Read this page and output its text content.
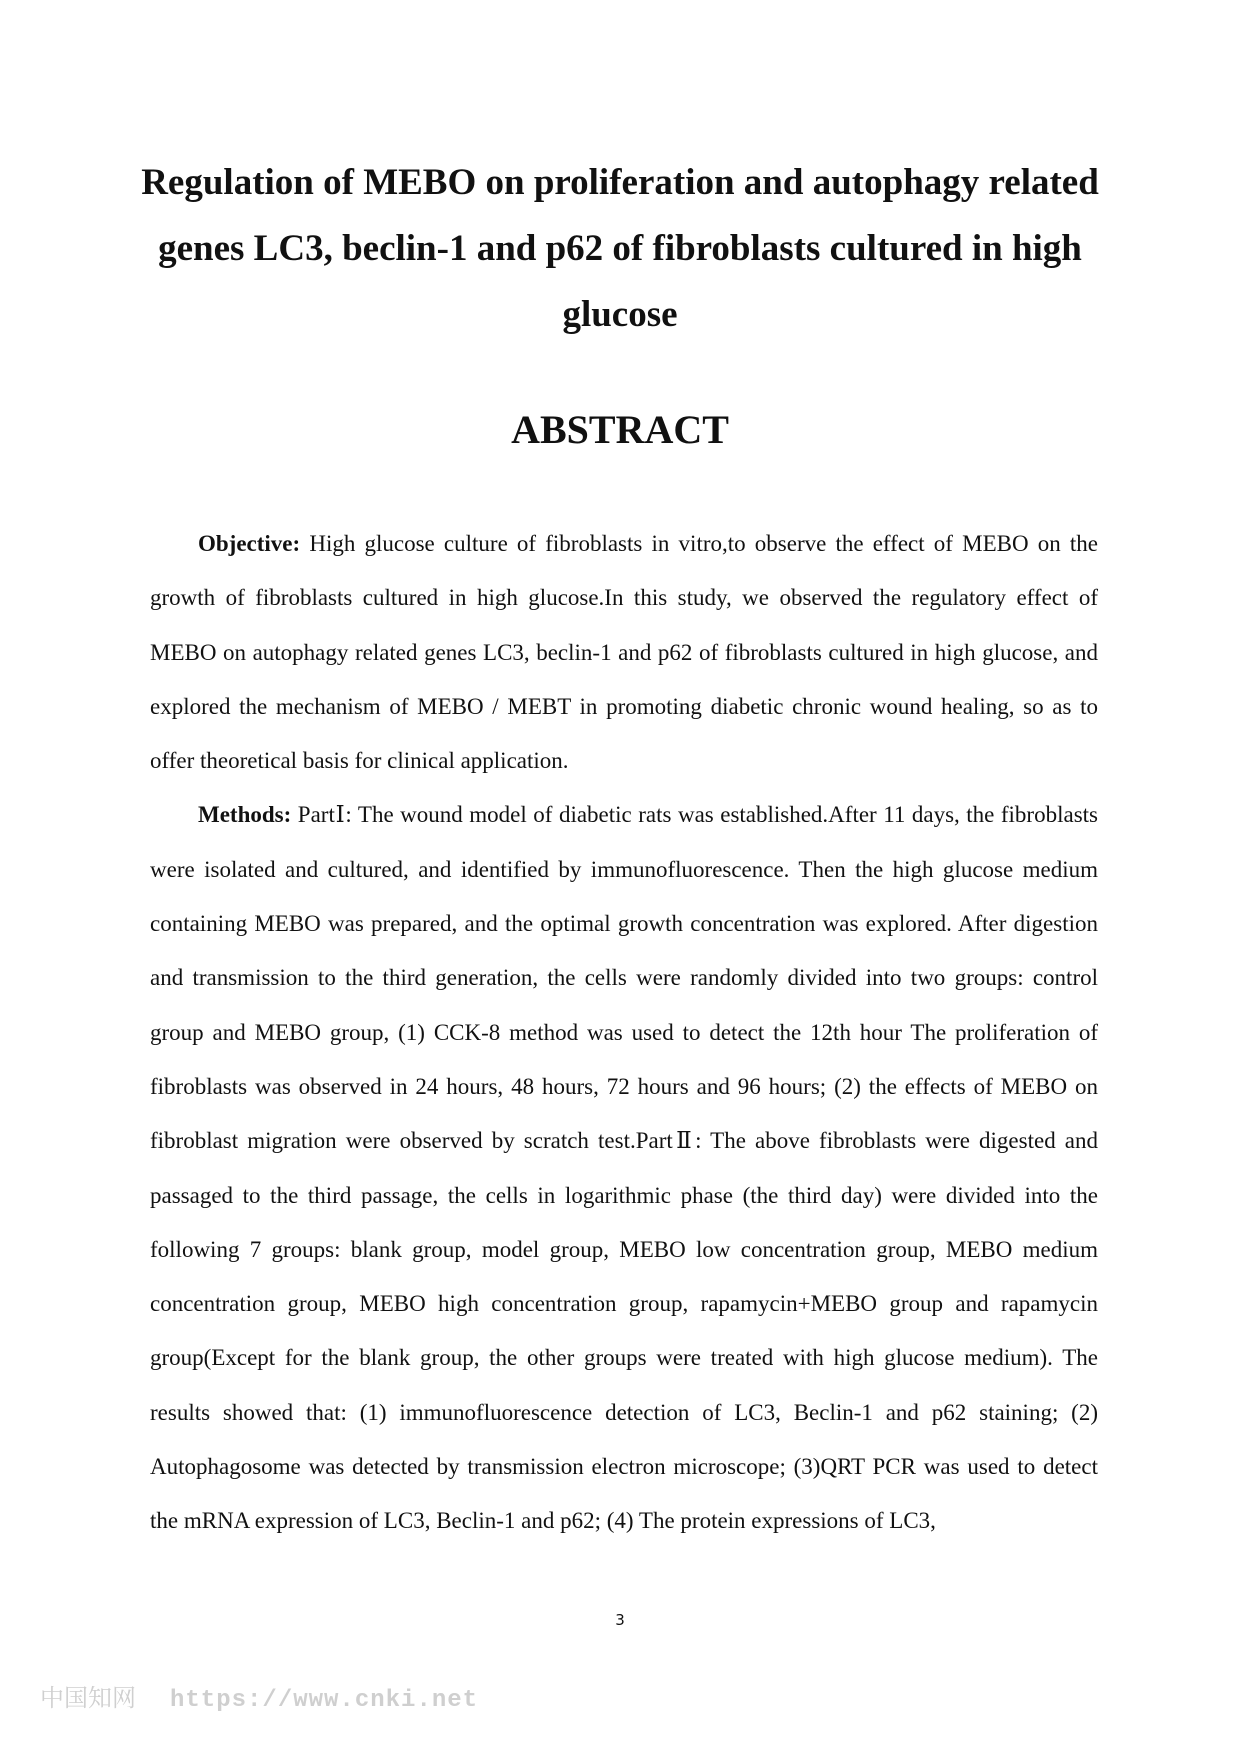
Regulation of MEBO on proliferation and autophagy related genes LC3, beclin-1 and p62 of fibroblasts cultured in high glucose
ABSTRACT

Objective: High glucose culture of fibroblasts in vitro,to observe the effect of MEBO on the growth of fibroblasts cultured in high glucose.In this study, we observed the regulatory effect of MEBO on autophagy related genes LC3, beclin-1 and p62 of fibroblasts cultured in high glucose, and explored the mechanism of MEBO / MEBT in promoting diabetic chronic wound healing, so as to offer theoretical basis for clinical application.

Methods: PartⅠ: The wound model of diabetic rats was established.After 11 days, the fibroblasts were isolated and cultured, and identified by immunofluorescence. Then the high glucose medium containing MEBO was prepared, and the optimal growth concentration was explored. After digestion and transmission to the third generation, the cells were randomly divided into two groups: control group and MEBO group, (1) CCK-8 method was used to detect the 12th hour The proliferation of fibroblasts was observed in 24 hours, 48 hours, 72 hours and 96 hours; (2) the effects of MEBO on fibroblast migration were observed by scratch test.PartⅡ: The above fibroblasts were digested and passaged to the third passage, the cells in logarithmic phase (the third day) were divided into the following 7 groups: blank group, model group, MEBO low concentration group, MEBO medium concentration group, MEBO high concentration group, rapamycin+MEBO group and rapamycin group(Except for the blank group, the other groups were treated with high glucose medium). The results showed that: (1) immunofluorescence detection of LC3, Beclin-1 and p62 staining; (2) Autophagosome was detected by transmission electron microscope; (3)QRT PCR was used to detect the mRNA expression of LC3, Beclin-1 and p62; (4) The protein expressions of LC3,

3
中国知网 https://www.cnki.net
